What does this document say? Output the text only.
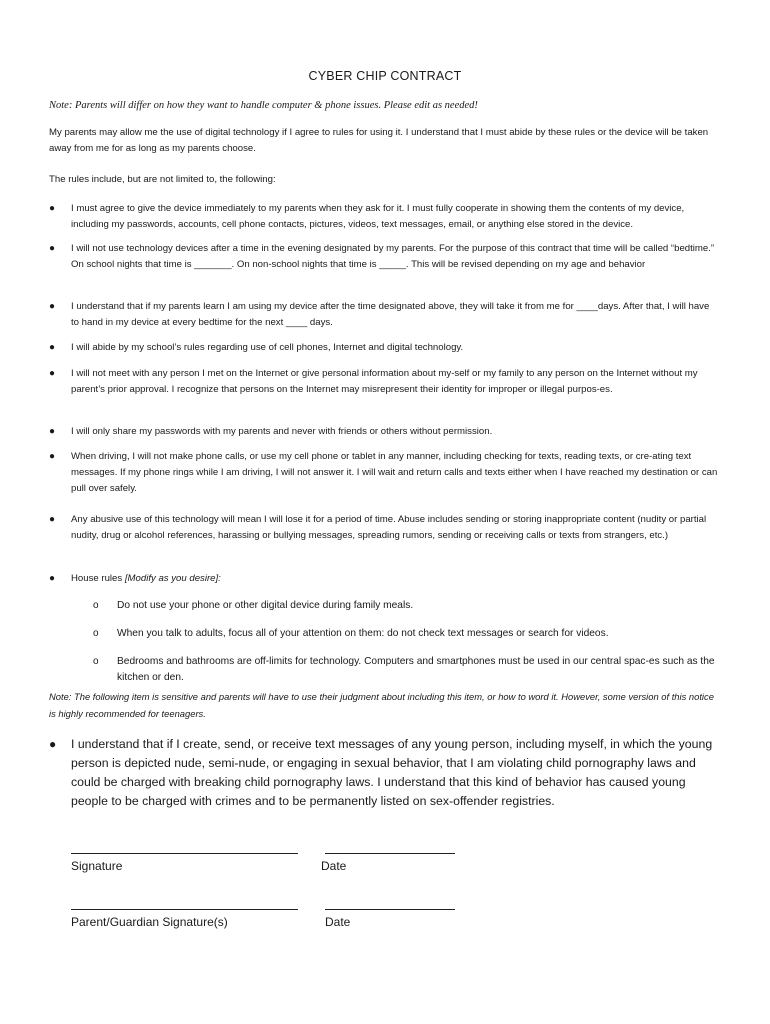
CYBER CHIP CONTRACT
Note: Parents will differ on how they want to handle computer & phone issues. Please edit as needed!
My parents may allow me the use of digital technology if I agree to rules for using it. I understand that I must abide by these rules or the device will be taken away from me for as long as my parents choose.
The rules include, but are not limited to, the following:
● I must agree to give the device immediately to my parents when they ask for it. I must fully cooperate in showing them the contents of my device, including my passwords, accounts, cell phone contacts, pictures, videos, text messages, email, or anything else stored in the device.
● I will not use technology devices after a time in the evening designated by my parents. For the purpose of this contract that time will be called “bedtime.” On school nights that time is _______. On non-school nights that time is _____. This will be revised depending on my age and behavior
● I understand that if my parents learn I am using my device after the time designated above, they will take it from me for ____days. After that, I will have to hand in my device at every bedtime for the next ____ days.
● I will abide by my school’s rules regarding use of cell phones, Internet and digital technology.
● I will not meet with any person I met on the Internet or give personal information about my-self or my family to any person on the Internet without my parent’s prior approval. I recognize that persons on the Internet may misrepresent their identity for improper or illegal purpos-es.
● I will only share my passwords with my parents and never with friends or others without permission.
● When driving, I will not make phone calls, or use my cell phone or tablet in any manner, including checking for texts, reading texts, or cre-ating text messages. If my phone rings while I am driving, I will not answer it. I will wait and return calls and texts either when I have reached my destination or can pull over safely.
● Any abusive use of this technology will mean I will lose it for a period of time. Abuse includes sending or storing inappropriate content (nudity or partial nudity, drug or alcohol references, harassing or bullying messages, spreading rumors, sending or receiving calls or texts from strangers, etc.)
● House rules [Modify as you desire]:
o Do not use your phone or other digital device during family meals.
o When you talk to adults, focus all of your attention on them: do not check text messages or search for videos.
o Bedrooms and bathrooms are off-limits for technology. Computers and smartphones must be used in our central spac-es such as the kitchen or den.
Note: The following item is sensitive and parents will have to use their judgment about including this item, or how to word it. However, some version of this notice is highly recommended for teenagers.
● I understand that if I create, send, or receive text messages of any young person, including myself, in which the young person is depicted nude, semi-nude, or engaging in sexual behavior, that I am violating child pornography laws and could be charged with breaking child pornography laws. I understand that this kind of behavior has caused young people to be charged with crimes and to be permanently listed on sex-offender registries.
Signature	Date
Parent/Guardian Signature(s)	Date
